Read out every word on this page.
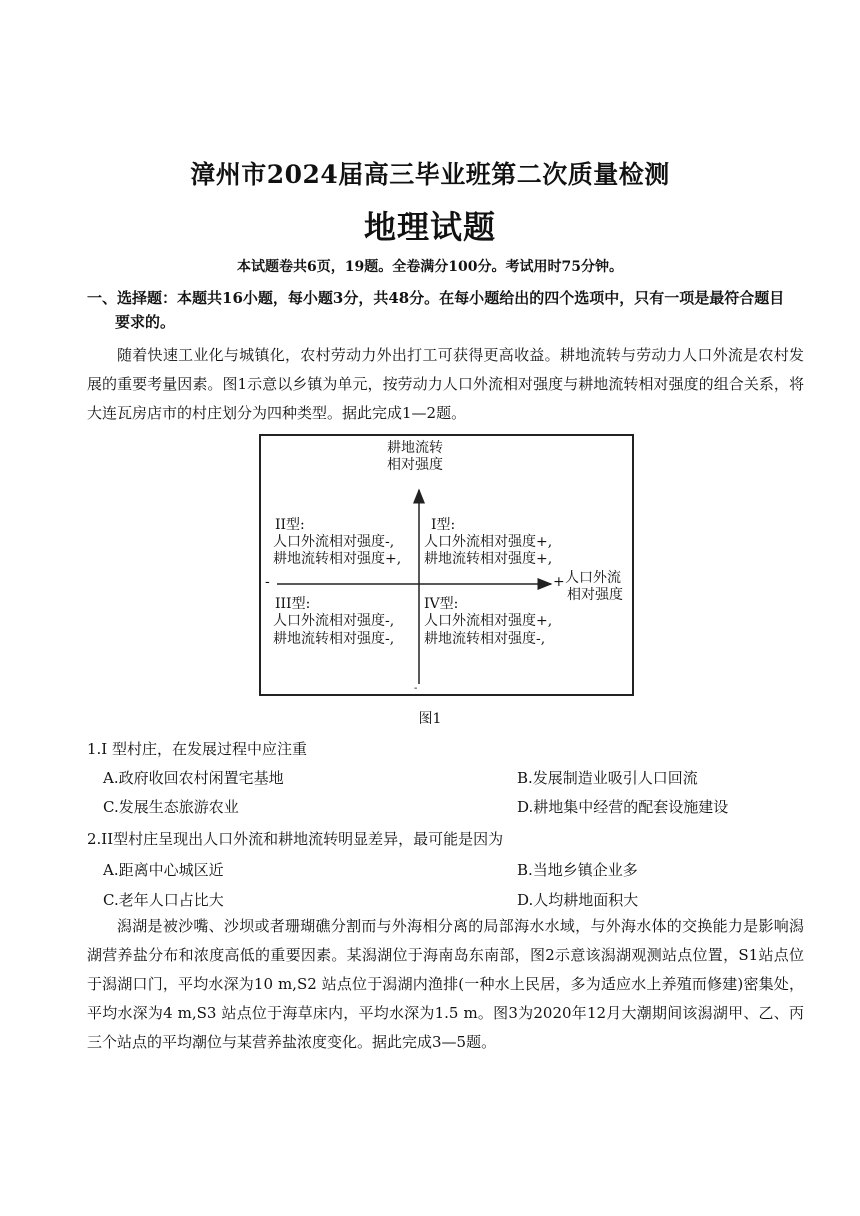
漳州市2024届高三毕业班第二次质量检测
地理试题
本试题卷共6页，19题。全卷满分100分。考试用时75分钟。
一、选择题：本题共16小题，每小题3分，共48分。在每小题给出的四个选项中，只有一项是最符合题目要求的。
随着快速工业化与城镇化，农村劳动力外出打工可获得更高收益。耕地流转与劳动力人口外流是农村发展的重要考量因素。图1示意以乡镇为单元，按劳动力人口外流相对强度与耕地流转相对强度的组合关系，将大连瓦房店市的村庄划分为四种类型。据此完成1—2题。
耕地流转
相对强度
-	+
-
人口外流
相对强度
II型:
人口外流相对强度-,
耕地流转相对强度+,
I型:
人口外流相对强度+,
耕地流转相对强度+,
III型:
人口外流相对强度-,
耕地流转相对强度-,
IV型:
人口外流相对强度+,
耕地流转相对强度-,
图1
1.I 型村庄，在发展过程中应注重
A.政府收回农村闲置宅基地	B.发展制造业吸引人口回流
C.发展生态旅游农业	D.耕地集中经营的配套设施建设
2.II型村庄呈现出人口外流和耕地流转明显差异，最可能是因为
A.距离中心城区近	B.当地乡镇企业多
C.老年人口占比大	D.人均耕地面积大
潟湖是被沙嘴、沙坝或者珊瑚礁分割而与外海相分离的局部海水水域，与外海水体的交换能力是影响潟湖营养盐分布和浓度高低的重要因素。某潟湖位于海南岛东南部，图2示意该潟湖观测站点位置，S1站点位于潟湖口门，平均水深为10 m,S2 站点位于潟湖内渔排(一种水上民居，多为适应水上养殖而修建)密集处，平均水深为4 m,S3 站点位于海草床内，平均水深为1.5 m。图3为2020年12月大潮期间该潟湖甲、乙、丙三个站点的平均潮位与某营养盐浓度变化。据此完成3—5题。
